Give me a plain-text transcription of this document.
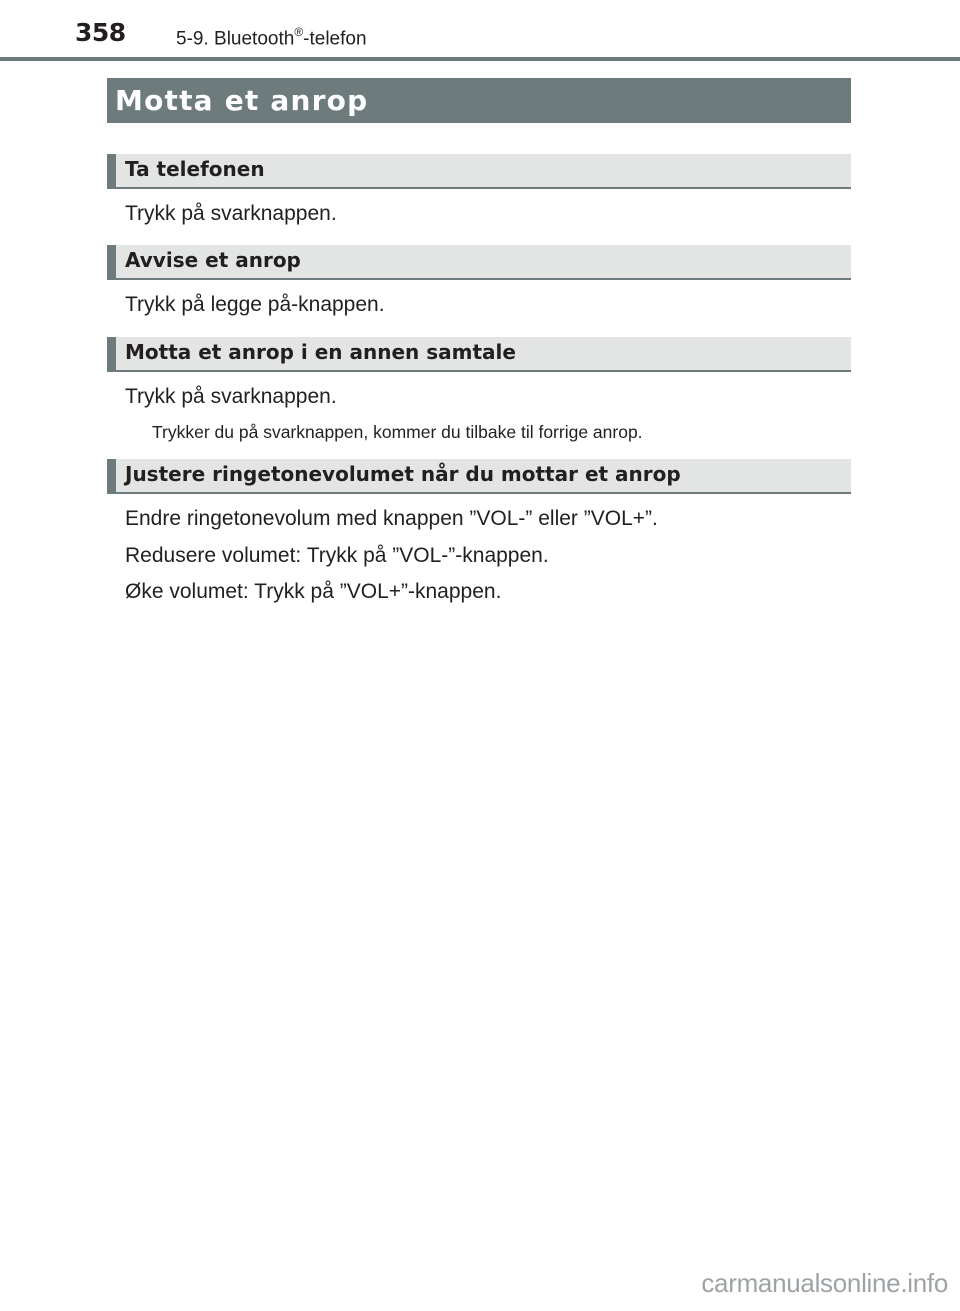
358	5-9. Bluetooth®-telefon
Motta et anrop
Ta telefonen
Trykk på svarknappen.
Avvise et anrop
Trykk på legge på-knappen.
Motta et anrop i en annen samtale
Trykk på svarknappen.
Trykker du på svarknappen, kommer du tilbake til forrige anrop.
Justere ringetonevolumet når du mottar et anrop
Endre ringetonevolum med knappen ”VOL-” eller ”VOL+”.
Redusere volumet: Trykk på ”VOL-”-knappen.
Øke volumet: Trykk på ”VOL+”-knappen.
carmanualsonline.info
